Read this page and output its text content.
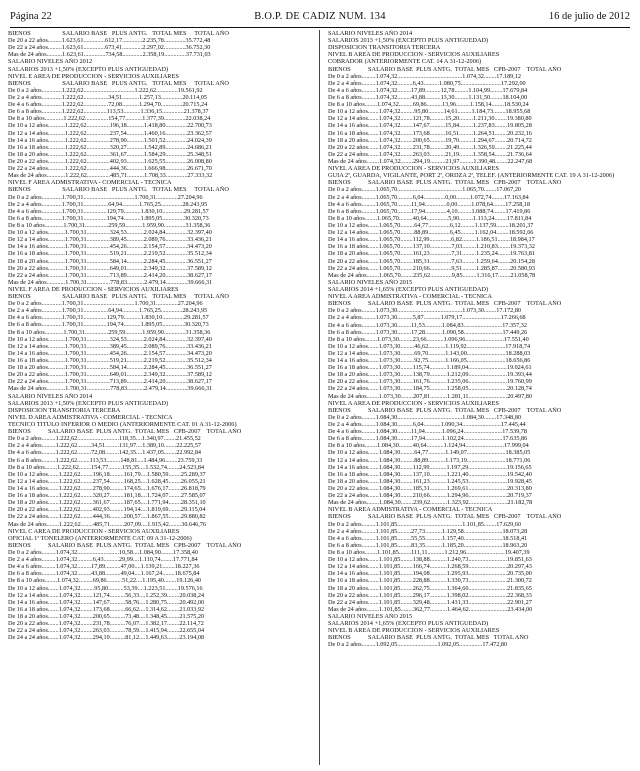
Página 22	B.O.P. DE CADIZ NUM. 134	16 de julio de 2012
BIENOS                    SALARIO BASE   PLUS ANTG.   TOTAL MES     TOTAL AÑO
De 20 a 22 años.........1.623,61..............612,17.............2.235,78..............35.772,48
De 22 a 24 años.........1.623,61..............673,41.............2.297,02..............36.752,30
Mas de 24 años..........1.623,61..............734,58.............2.358,19..............37.731,03
SALARIO NIVELES AÑO 2012
SALARIOS 2013 +1,50% (EXCEPTO PLUS ANTIGUEDAD)
NIVEL E AREA DE PRODUCCION - SERVICIOS AUXILIARES
BIENOS                    SALARIO BASE   PLUS ANTG.   TOTAL MES     TOTAL AÑO
De 0 a 2 años.............1.222,62.................................1.222,62..............19.561,92
De 2 a 4 años.............1.222,62................34,51...........1.257,13..............20.114,05
De 4 a 6 años.............1.222,62................72,08...........1.294,70..............20.715,24
De 6 a 8 años.............1.222,62...............113,53...........1.336,15..............21.378,37
De 8 a 10 años............1.222,62...............154,77...........1.377,39..............22.038,24
De 10 a 12 años...........1.222,62...............196,18...........1.418,80..............22.700,73
De 12 a 14 años...........1.222,62...............237,54...........1.460,16..............23.362,57
De 14 a 16 años...........1.222,62...............278,90...........1.501,52..............24.024,39
De 16 a 18 años...........1.222,62...............320,27...........1.542,89..............24.686,21
De 18 a 20 años...........1.222,62...............361,67...........1.584,29..............25.348,51
De 20 a 22 años...........1.222,62...............402,93...........1.625,55..............26.008,80
De 22 a 24 años...........1.222,62...............444,36...........1.666,98..............26.671,70
Mas de 24 años............1.222,62...............485,71...........1.708,33..............27.333,32
NIVEL F AREA ADMISTRATIVA - COMERCIAL - TECNICA
BIENOS                    SALARIO BASE   PLUS ANTG.   TOTAL MES     TOTAL AÑO
De 0 a 2 años.............1.700,31.................................1.700,31..............27.204,96
De 2 a 4 años.............1.700,31................64,94...........1.765,25..............28.243,95
De 4 a 6 años.............1.700,31...............129,79...........1.830,10..............29.281,57
De 6 a 8 años.............1.700,31...............194,74...........1.895,05..............30.320,73
De 8 a 10 años............1.700,31...............259,59...........1.959,90..............31.358,36
De 10 a 12 años...........1.700,31...............324,53...........2.024,84..............32.397,40
De 12 a 14 años...........1.700,31...............389,45...........2.089,76..............33.436,21
De 14 a 16 años...........1.700,31...............454,26...........2.154,57..............34.473,20
De 16 a 18 años...........1.700,31...............519,21...........2.219,52..............35.512,34
De 18 a 20 años...........1.700,31...............584,14...........2.284,45..............36.551,27
De 20 a 22 años...........1.700,31...............649,01...........2.349,32..............37.589,12
De 22 a 24 años...........1.700,31...............713,89...........2.414,20..............38.627,17
Mas de 24 años............1.700,31...............778,83...........2.479,14..............39.666,31
NIVEL F AREA DE PRODUCCION - SERVICIOS AUXILIARES
BIENOS                    SALARIO BASE   PLUS ANTG.   TOTAL MES     TOTAL AÑO
De 0 a 2 años.............1.700,31.................................1.700,31..............27.204,96
De 2 a 4 años.............1.700,31................64,94...........1.765,25..............28.243,95
De 4 a 6 años.............1.700,31...............129,79...........1.830,10..............29.281,57
De 6 a 8 años.............1.700,31...............194,74...........1.895,05..............30.320,73
De 8 a 10 años............1.700,31...............259,59...........1.959,90..............31.358,36
De 10 a 12 años...........1.700,31...............324,53...........2.024,84..............32.397,40
De 12 a 14 años...........1.700,31...............389,45...........2.089,76..............33.436,21
De 14 a 16 años...........1.700,31...............454,26...........2.154,57..............34.473,20
De 16 a 18 años...........1.700,31...............519,21...........2.219,52..............35.512,34
De 18 a 20 años...........1.700,31...............584,14...........2.284,45..............36.551,27
De 20 a 22 años...........1.700,31...............649,01...........2.349,32..............37.589,12
De 22 a 24 años...........1.700,31...............713,89...........2.414,20..............38.627,17
Mas de 24 años............1.700,31...............778,83...........2.479,14..............39.666,31
SALARIO NIVELES AÑO 2014
SALARIOS 2013 +1,50% (EXCEPTO PLUS ANTIGUEDAD)
DISPOSICION TRANSITORIA TERCERA
NIVEL D AREA ADMISTRATIVA - COMERCIAL - TECNICA
TECNICO TITULO INFERIOR O MEDIO (ANTERIORMENTE CAT. 01 A 31-12-2006)
BIENOS           SALARIO BASE  PLUS ANTG.  TOTAL MES   CPB-2007    TOTAL AÑO
De 0 a 2 años.........1.222,62...........................118,35....1.340,97........21.455,52
De 2 a 4 años.........1.222,62.........34,51.........131,97....1.389,10........22.225,57
De 4 a 6 años.........1.222,62.........72,08.........142,35....1.437,05........22.992,84
De 6 a 8 años.........1.222,62........113,53.........148,81....1.484,96........23.759,33
De 8 a 10 años........1.222,62........154,77.........155,35....1.532,74........24.523,84
De 10 a 12 años.......1.222,62........196,18.........161,79....1.580,59........25.289,37
De 12 a 14 años.......1.222,62........237,54.........168,25....1.628,45........26.055,21
De 14 a 16 años.......1.222,62........278,90.........174,65....1.676,17........26.818,79
De 16 a 18 años.......1.222,62........320,27.........181,18....1.724,07........27.585,07
De 18 a 20 años.......1.222,62........361,67.........187,65....1.771,94........28.351,10
De 20 a 22 años.......1.222,62........402,93.........194,14....1.819,69........29.115,04
De 22 a 24 años.......1.222,62........444,36.........200,57....1.867,55........29.880,82
Mas de 24 años........1.222,62........485,71.........207,09....1.915,42........30.646,76
NIVEL C AREA DE PRODUCCION - SERVICIOS AUXILIARES
OFICIAL 1ª TONELERO (ANTERIORMENTE CAT. 09 A 31-12-2006)
BIENOS           SALARIO BASE  PLUS ANTG.  TOTAL MES   CPB-2007    TOTAL AÑO
De 0 a 2 años.........1.074,32...........................10,58....1.084,90........17.358,40
De 2 a 4 años.........1.074,32..........6,43..........29,99....1.110,74........17.771,84
De 4 a 6 años.........1.074,32.........17,89..........47,00....1.139,21........18.227,36
De 6 a 8 años.........1.074,32.........43,88..........49,04....1.167,24........18.675,84
De 8 a 10 años........1.074,32.........69,86..........51,22....1.195,40........19.126,40
De 10 a 12 años.......1.074,32.........95,80..........53,39....1.223,51........19.576,16
De 12 a 14 años.......1.074,32........121,74..........56,33....1.252,39........20.038,24
De 14 a 16 años.......1.074,32........147,67..........58,76....1.280,75........20.492,00
De 16 a 18 años.......1.074,32........173,68..........66,62....1.314,62........21.033,92
De 18 a 20 años.......1.074,32........200,65..........73,48....1.348,45........21.575,20
De 20 a 22 años.......1.074,32........231,78..........76,07....1.382,17........22.114,72
De 22 a 24 años.......1.074,32........263,03..........78,59....1.415,94........22.655,04
De 24 a 24 años.......1.074,32........294,19..........81,12....1.449,63........23.194,08
SALARIO NIVELES AÑO 2014
SALARIOS 2013 +1,50% (EXCEPTO PLUS ANTIGUEDAD)
DISPOSICION TRANSITORIA TERCERA
NIVEL B AREA DE PRODUCCION - SERVICIOS AUXILIARES
COBRADOR (ANTERIORMENTE CAT. 14 A 31-12-2006)
BIENOS           SALARIO BASE  PLUS ANTG.  TOTAL MES   CPB-2007    TOTAL AÑO
De 0 a 2 años.........1.074,32..........................................1.074,32........17.189,12
De 2 a 4 años.........1.074,32..........6,43..........1.080,75..........................17.292,00
De 4 a 6 años.........1.074,32.........17,89..........12,78.........1.104,99........17.679,84
De 6 a 8 años.........1.074,32.........43,88..........13,30.........1.131,50........18.104,00
De 8 a 10 años........1.074,32.........69,86..........13,96.........1.158,14........18.530,24
De 10 a 12 años.......1.074,32.........95,80..........14,61.........1.184,73........18.955,68
De 12 a 14 años.......1.074,32........121,78..........15,20.........1.211,30........19.380,80
De 14 a 16 años.......1.074,32........147,67..........15,84.........1.237,83........19.805,28
De 16 a 18 años.......1.074,32........173,68..........16,51.........1.264,51........20.232,16
De 18 a 20 años.......1.074,32........200,65..........19,70.........1.294,67........20.714,72
De 20 a 22 años.......1.074,32........231,78..........20,49.........1.326,59........21.225,44
De 22 a 24 años.......1.074,32........263,03..........21,19.........1.358,54........21.736,64
Mas de 24 años........1.074,32........294,19..........21,97.........1.390,48........22.247,68
NIVEL A AREA DE PRODUCCION - SERVICIOS AUXILIARES
GUIA 2ª, GUARDA, VIGILANTE, PORT 2ª, ORDZA 2ª, TELEF. (ANTERIORMENTE CAT. 19 A 31-12-2006)
BIENOS           SALARIO BASE  PLUS ANTG.  TOTAL MES   CPB-2007    TOTAL AÑO
De 0 a 2 años.........1.065,70..........................................1.065,70........17.067,20
De 2 a 4 años.........1.065,70..........6,04..............0,00.........1.072,74........17.163,84
De 4 a 6 años.........1.065,70.........11,94..............0,00.........1.078,64........17.258,18
De 6 a 8 años.........1.065,70.........17,94..............4,10.........1.088,74........17.419,86
De 8 a 10 años........1.065,70.........40,64..............5,90.........1.113,24........17.811,84
De 10 a 12 años.......1.065,70.........64,77..............6,12.........1.137,59........18.201,37
De 12 a 14 años.......1.065,70.........88,89..............6,45.........1.162,04........18.592,66
De 14 a 16 años.......1.065,70........112,99..............6,82.........1.186,51........18.984,17
De 16 a 18 años.......1.065,70........137,10..............7,03.........1.210,83........19.373,32
De 18 a 20 años.......1.065,70........161,23..............7,31.........1.235,24........19.763,81
De 20 a 22 años.......1.065,70........185,31..............7,63.........1.259,64........20.154,28
De 22 a 24 años.......1.065,70........210,66..............9,51.........1.285,87........20.580,93
Mas de 24 años........1.065,70........235,62..............9,85.........1.316,17........21.058,78
SALARIO NIVELES AÑO 2015
SALARIOS 2014 +1,65% (EXCEPTO PLUS ANTIGUEDAD)
NIVEL A AREA ADMISTRATIVA - COMERCIAL - TECNICA
BIENOS           SALARIO BASE  PLUS ANTG.  TOTAL MES   CPB-2007    TOTAL AÑO
De 0 a 2 años.........1.073,30..........................................1.073,30........17.172,80
De 2 a 4 años.........1.073,30..........5,87...........1.079,17.........................17.266,68
De 4 a 6 años.........1.073,30.........11,53...........1.084,83.........................17.357,32
De 6 a 8 años.........1.073,30.........17,28...........1.090,58.........................17.449,26
De 8 a 10 años........1.073,30.........23,66...........1.096,96.........................17.551,40
De 10 a 12 años.......1.073,30.........46,62...........1.119,92.........................17.918,74
De 12 a 14 años.......1.073,30.........69,70...........1.143,00.........................18.288,03
De 14 a 16 años.......1.073,30.........92,75...........1.166,05.........................18.656,86
De 16 a 18 años.......1.073,30........115,74...........1.189,04.........................19.024,61
De 18 a 20 años.......1.073,30........138,79...........1.212,09.........................19.393,44
De 20 a 22 años.......1.073,30........161,76...........1.235,06.........................19.760,99
De 22 a 24 años.......1.073,30........184,75...........1.258,05.........................20.128,74
Mas de 24 años........1.073,30........207,81...........1.281,11.........................20.497,80
NIVEL A AREA DE PRODUCCION - SERVICIOS AUXILIARES
BIENOS           SALARIO BASE  PLUS ANTG.  TOTAL MES   CPB-2007    TOTAL AÑO
De 0 a 2 años.........1.084,30..........................................1.084,30........17.348,80
De 2 a 4 años.........1.084,30..........6,04...........1.090,34.........................17.445,44
De 4 a 6 años.........1.084,30.........11,94...........1.096,24.........................17.539,78
De 6 a 8 años.........1.084,30.........17,94...........1.102,24.........................17.635,86
De 8 a 10 años........1.084,30.........40,64...........1.124,94.........................17.999,04
De 10 a 12 años.......1.084,30.........64,77...........1.149,07.........................18.385,05
De 12 a 14 años.......1.084,30.........88,89...........1.173,19.........................18.771,06
De 14 a 16 años.......1.084,30........112,99...........1.197,29.........................19.156,65
De 16 a 18 años.......1.084,30........137,10...........1.221,40.........................19.542,40
De 18 a 20 años.......1.084,30........161,23...........1.245,53.........................19.928,45
De 20 a 22 años.......1.084,30........185,31...........1.269,61.........................20.313,80
De 22 a 24 años.......1.084,30........210,66...........1.294,96.........................20.719,37
Mas de 24 años........1.084,30........239,62...........1.323,92.........................21.182,78
NIVEL B AREA ADMISTRATIVA - COMERCIAL - TECNICA
BIENOS           SALARIO BASE  PLUS ANTG.  TOTAL MES   CPB-2007    TOTAL AÑO
De 0 a 2 años.........1.101,85..........................................1.101,85........17.629,60
De 2 a 4 años.........1.101,85.........27,73...........1.129,58.........................18.073,28
De 4 a 6 años.........1.101,85.........55,55...........1.157,40.........................18.518,41
De 6 a 8 años.........1.101,85.........83,35...........1.185,20.........................18.963,20
De 8 a 10 años........1.101,85........111,11...........1.212,96.........................19.407,39
De 10 a 12 años.......1.101,85........138,88...........1.240,73.........................19.851,63
De 12 a 14 años.......1.101,85........166,74...........1.268,59.........................20.297,43
De 14 a 16 años.......1.101,85........194,08...........1.295,93.........................20.735,00
De 16 a 18 años.......1.101,85........228,88...........1.330,73.........................21.300,72
De 18 a 20 años.......1.101,85........262,75...........1.364,60.........................21.835,65
De 20 a 22 años.......1.101,85........296,17...........1.398,02.........................22.368,33
De 22 a 24 años.......1.101,85........329,48...........1.431,33.........................22.901,27
Mas de 24 años........1.101,85........362,77...........1.464,62.........................23.434,00
SALARIO NIVELES AÑO 2015
SALARIOS 2014 +1,65% (EXCEPTO PLUS ANTIGUEDAD)
NIVEL B AREA DE PRODUCCION - SERVICIOS AUXILIARES
BIENOS           SALARIO BASE  PLUS ANTG.  TOTAL MES   TOTAL AÑO
De 0 a 2 años.........1.092,05..........................1.092,05...............17.472,80
